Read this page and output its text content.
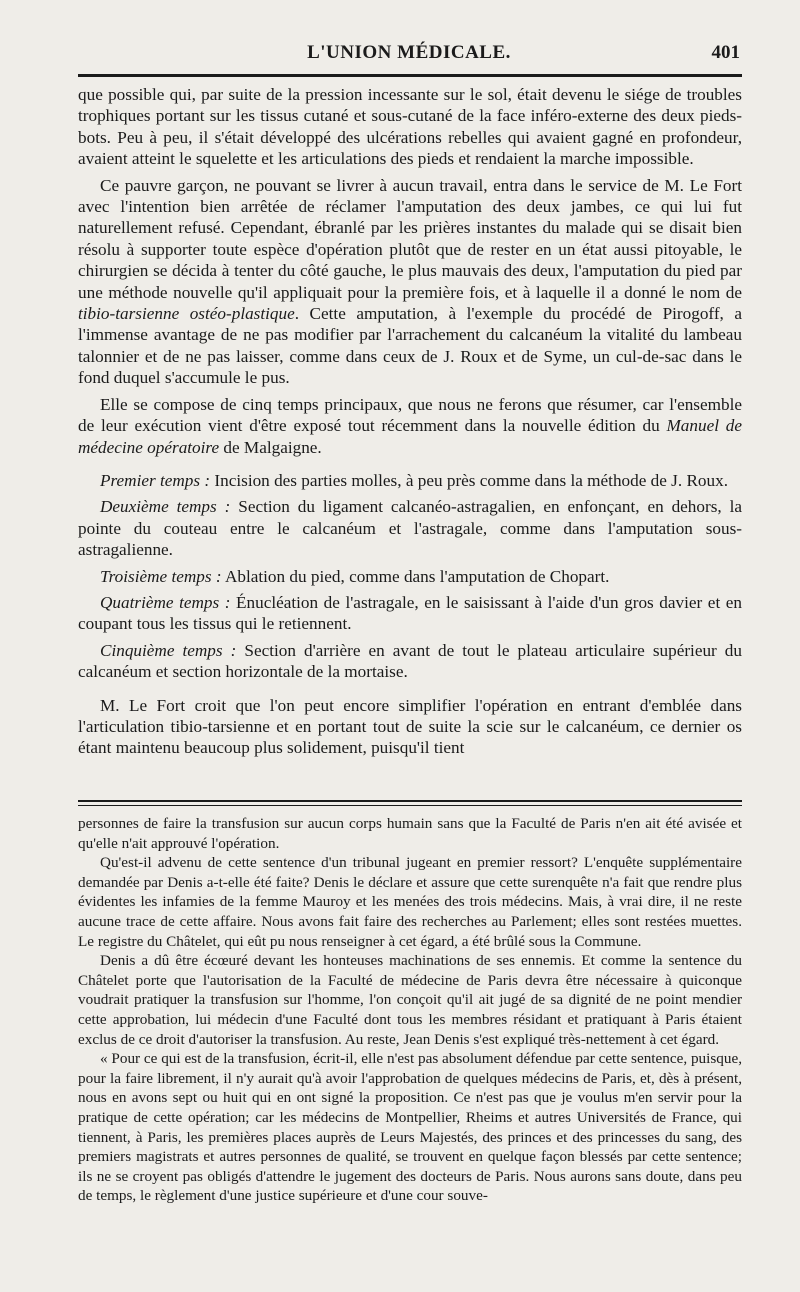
L'UNION MÉDICALE.	401

que possible qui, par suite de la pression incessante sur le sol, était devenu le siége de troubles trophiques portant sur les tissus cutané et sous-cutané de la face inféro-externe des deux pieds-bots. Peu à peu, il s'était développé des ulcérations rebelles qui avaient gagné en profondeur, avaient atteint le squelette et les articulations des pieds et rendaient la marche impossible.

Ce pauvre garçon, ne pouvant se livrer à aucun travail, entra dans le service de M. Le Fort avec l'intention bien arrêtée de réclamer l'amputation des deux jambes, ce qui lui fut naturellement refusé. Cependant, ébranlé par les prières instantes du malade qui se disait bien résolu à supporter toute espèce d'opération plutôt que de rester en un état aussi pitoyable, le chirurgien se décida à tenter du côté gauche, le plus mauvais des deux, l'amputation du pied par une méthode nouvelle qu'il appliquait pour la première fois, et à laquelle il a donné le nom de tibio-tarsienne ostéo-plastique. Cette amputation, à l'exemple du procédé de Pirogoff, a l'immense avantage de ne pas modifier par l'arrachement du calcanéum la vitalité du lambeau talonnier et de ne pas laisser, comme dans ceux de J. Roux et de Syme, un cul-de-sac dans le fond duquel s'accumule le pus.

Elle se compose de cinq temps principaux, que nous ne ferons que résumer, car l'ensemble de leur exécution vient d'être exposé tout récemment dans la nouvelle édition du Manuel de médecine opératoire de Malgaigne.

Premier temps : Incision des parties molles, à peu près comme dans la méthode de J. Roux.

Deuxième temps : Section du ligament calcanéo-astragalien, en enfonçant, en dehors, la pointe du couteau entre le calcanéum et l'astragale, comme dans l'amputation sous-astragalienne.

Troisième temps : Ablation du pied, comme dans l'amputation de Chopart.

Quatrième temps : Énucléation de l'astragale, en le saisissant à l'aide d'un gros davier et en coupant tous les tissus qui le retiennent.

Cinquième temps : Section d'arrière en avant de tout le plateau articulaire supérieur du calcanéum et section horizontale de la mortaise.

M. Le Fort croit que l'on peut encore simplifier l'opération en entrant d'emblée dans l'articulation tibio-tarsienne et en portant tout de suite la scie sur le calcanéum, ce dernier os étant maintenu beaucoup plus solidement, puisqu'il tient

personnes de faire la transfusion sur aucun corps humain sans que la Faculté de Paris n'en ait été avisée et qu'elle n'ait approuvé l'opération.

Qu'est-il advenu de cette sentence d'un tribunal jugeant en premier ressort? L'enquête supplémentaire demandée par Denis a-t-elle été faite? Denis le déclare et assure que cette surenquête n'a fait que rendre plus évidentes les infamies de la femme Mauroy et les menées des trois médecins. Mais, à vrai dire, il ne reste aucune trace de cette affaire. Nous avons fait faire des recherches au Parlement; elles sont restées muettes. Le registre du Châtelet, qui eût pu nous renseigner à cet égard, a été brûlé sous la Commune.

Denis a dû être écœuré devant les honteuses machinations de ses ennemis. Et comme la sentence du Châtelet porte que l'autorisation de la Faculté de médecine de Paris devra être nécessaire à quiconque voudrait pratiquer la transfusion sur l'homme, l'on conçoit qu'il ait jugé de sa dignité de ne point mendier cette approbation, lui médecin d'une Faculté dont tous les membres résidant et pratiquant à Paris étaient exclus de ce droit d'autoriser la transfusion. Au reste, Jean Denis s'est expliqué très-nettement à cet égard.

« Pour ce qui est de la transfusion, écrit-il, elle n'est pas absolument défendue par cette sentence, puisque, pour la faire librement, il n'y aurait qu'à avoir l'approbation de quelques médecins de Paris, et, dès à présent, nous en avons sept ou huit qui en ont signé la proposition. Ce n'est pas que je voulus m'en servir pour la pratique de cette opération; car les médecins de Montpellier, Rheims et autres Universités de France, qui tiennent, à Paris, les premières places auprès de Leurs Majestés, des princes et des princesses du sang, des premiers magistrats et autres personnes de qualité, se trouvent en quelque façon blessés par cette sentence; ils ne se croyent pas obligés d'attendre le jugement des docteurs de Paris. Nous aurons sans doute, dans peu de temps, le règlement d'une justice supérieure et d'une cour souve-
